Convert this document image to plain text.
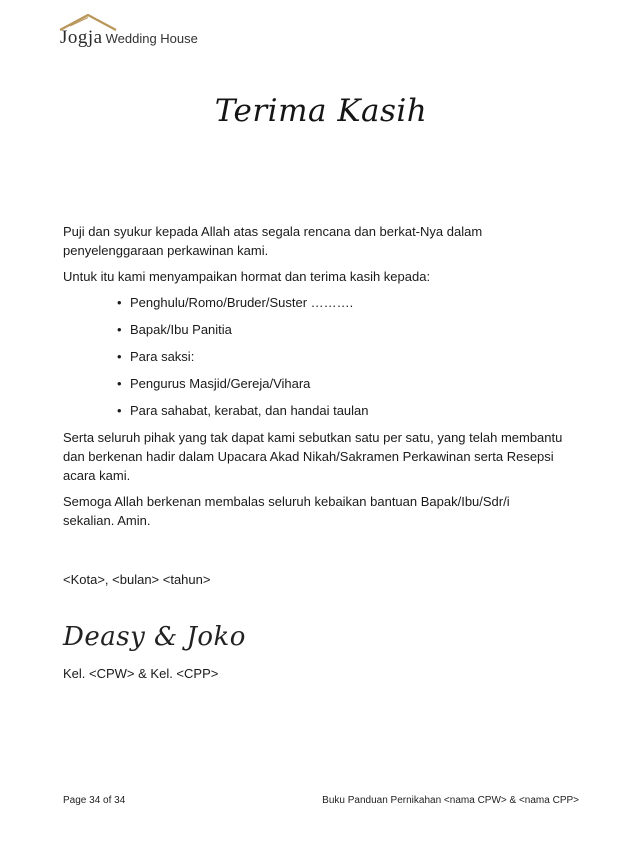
Jogja Wedding House
Terima Kasih

Puji dan syukur kepada Allah atas segala rencana dan berkat-Nya dalam
penyelenggaraan perkawinan kami.

Untuk itu kami menyampaikan hormat dan terima kasih kepada:

• Penghulu/Romo/Bruder/Suster ……….
• Bapak/Ibu Panitia
• Para saksi:
• Pengurus Masjid/Gereja/Vihara
• Para sahabat, kerabat, dan handai taulan

Serta seluruh pihak yang tak dapat kami sebutkan satu per satu, yang telah membantu
dan berkenan hadir dalam Upacara Akad Nikah/Sakramen Perkawinan serta Resepsi
acara kami.

Semoga Allah berkenan membalas seluruh kebaikan bantuan Bapak/Ibu/Sdr/i
sekalian. Amin.

<Kota>, <bulan> <tahun>
Deasy & Joko
Kel. <CPW> & Kel. <CPP>
Page 34 of 34	Buku Panduan Pernikahan <nama CPW> & <nama CPP>
